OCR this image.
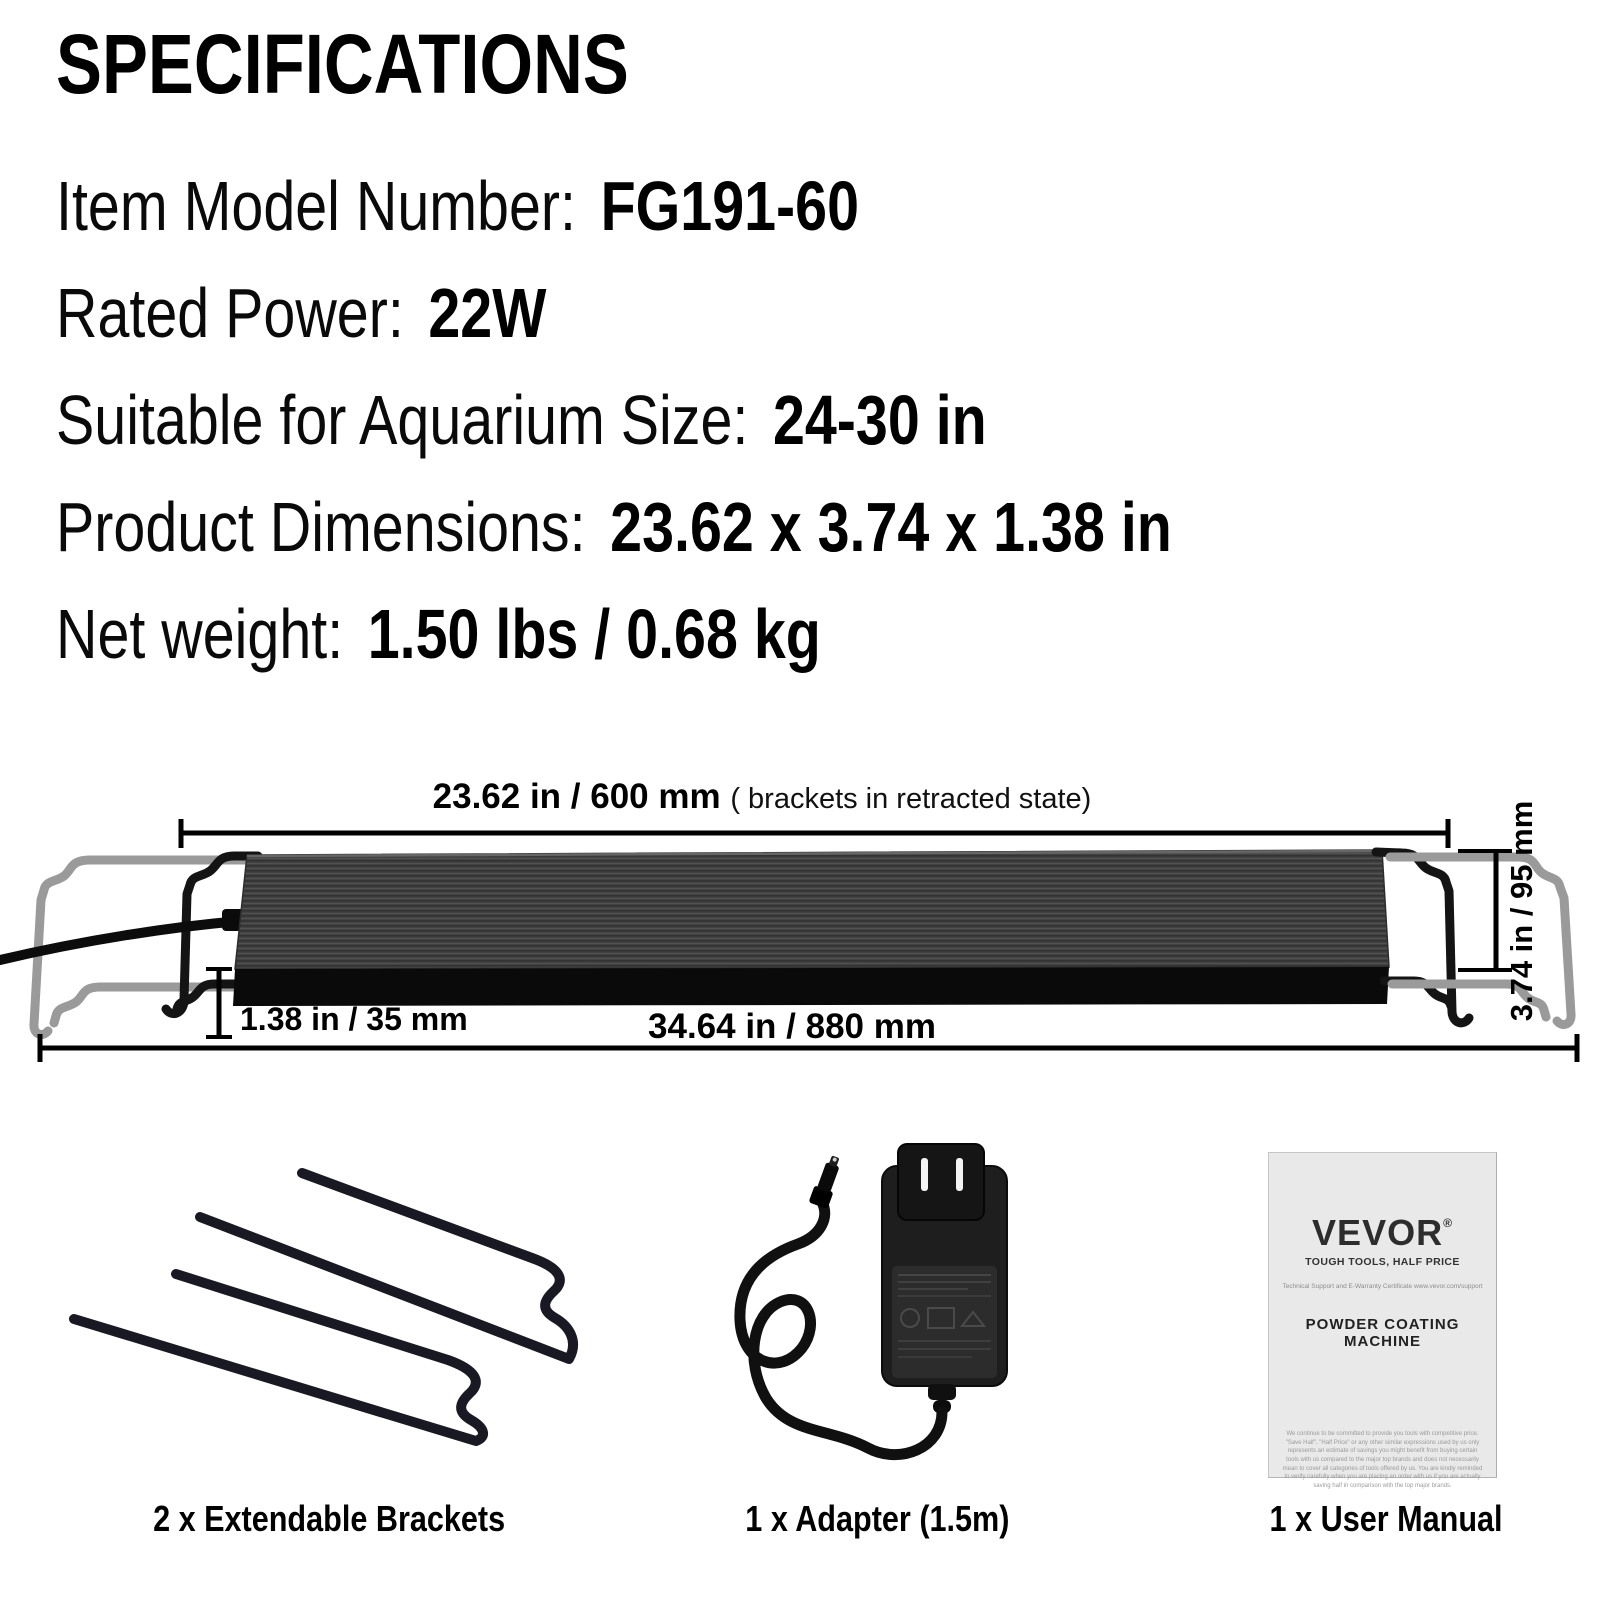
SPECIFICATIONS
Item Model Number: FG191-60
Rated Power: 22W
Suitable for Aquarium Size: 24-30 in
Product Dimensions: 23.62 x 3.74 x 1.38 in
Net weight: 1.50 lbs / 0.68 kg
23.62 in / 600 mm ( brackets in retracted state)
1.38 in / 35 mm	34.64 in / 880 mm
3.74 in / 95 mm
VEVOR®
TOUGH TOOLS, HALF PRICE
Technical Support and E-Warranty Certificate www.vevor.com/support
POWDER COATING MACHINE
We continue to be committed to provide you tools with competitive price. "Save Half", "Half Price" or any other similar expressions used by us only represents an estimate of savings you might benefit from buying certain tools with us compared to the major top brands and does not necessarily mean to cover all categories of tools offered by us. You are kindly reminded to verify carefully when you are placing an order with us if you are actually saving half in comparison with the top major brands.
2 x Extendable Brackets	1 x Adapter (1.5m)	1 x User Manual
